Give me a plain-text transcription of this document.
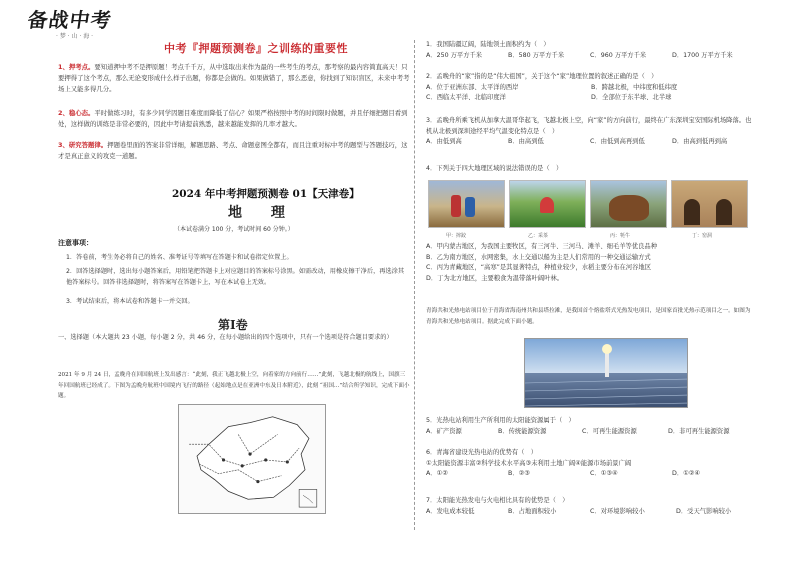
备战中考
· 梦 · 山 · 海 ·
中考『押题预测卷』之训练的重要性
1、押考点。要知道押中考不是押原题！考点千千万，从中选取出来作为最的一些考生的考点，那考察的最内容简直高天！只要押得了这个考点，那么无论变形成什么样子出题，你都是会做的。如果做错了，那么恶意，你找到了知识盲区，未来中考考场上又能多得几分。
2、稳心态。平时做练习时，有多少同学因题目难度而降低了信心？如果严格按照中考的时间限时做题，并且仔细把题目看到处，这样做的训练是非常必要的，因此中考请提前熟悉，越来越能发挥的几率才越大。
3、研究答题律。押题卷里面的答案非常详细，解题思路、考点、命题意图全都有，而且注重对标中考的题型与答题技巧，这才是真正意义的攻克一道题。
2024 年中考押题预测卷 01【天津卷】
地 理
（本试卷满分 100 分，考试时间 60 分钟。）
注意事项：
1．答卷前，考生务必将自己的姓名、准考证号等填写在答题卡和试卷指定位置上。
2．回答选择题时，选出每小题答案后，用铅笔把答题卡上对应题目的答案标号涂黑。如需改动，用橡皮擦干净后，再选涂其他答案标号。回答非选择题时，将答案写在答题卡上，写在本试卷上无效。
3．考试结束后，将本试卷和答题卡一并交回。
第Ⅰ卷
一、选择题（本大题共 23 小题，每小题 2 分，共 46 分，在每小题给出的四个选项中，只有一个选项是符合题目要求的）
2021 年 9 月 24 日，孟晚舟在回国航班上发出感言：“此刻，我正飞越北极上空，向着家的方向前行……”此刻，飞越北极的航线上，国旗三年回国航班已经成了。下图为孟晚舟航班中国境内飞行的路径（起始地点是在亚洲中东及日本附近），此刻 “祖国…”结合所学知识，完成下面小题。
1．我国陆疆辽阔，陆地领土面积约为（　）
A．250 万平方千米	B．580 万平方千米	C．960 万平方千米	D．1700 万平方千米
2．孟晚舟的“家”指的是“伟大祖国”，关于这个“家”地理位置的叙述正确的是（　）
A．位于亚洲东部、太平洋的西岸	B．跨越北极，中纬度和低纬度
C．西临太平洋、北临印度洋	D．全部位于东半球、北半球
3．孟晚舟所乘飞机从加拿大温哥华起飞，飞越北极上空，向“家”的方向前行，最终在广东深圳宝安国际机场降落。也机从北极到深圳途经平均气温变化特点是（　）
A．由低到高	B．由高到低	C．由低到高再到低	D．由高到低再到高
4．下列关于四大地理区域的说法错误的是（　）
甲：摔跤	乙：采茶	丙：牦牛	丁：窑洞
A．甲内蒙古地区，为我国主要牧区，有三河牛、三河马、滩羊、细毛羊等优良品种
B．乙为南方地区，水网密集，水上交通以船为主是人们常用的一种交通运输方式
C．丙为青藏地区，“高寒”是其显著特点，种植业较少，水稻主要分布在河谷地区
D．丁为北方地区，主要粮食为温带落叶阔叶林。
青海共和光热电站项目位于青海省海南州共和县塔拉滩，是我国首个熔盐塔式光热发电项目，是国家首批光热示范项目之一。如图为青海共和光热电站项目。据此完成下面小题。
5．光热电站利用生产所利用的太阳能资源属于（　）
A．矿产资源	B．传统能源资源	C．可再生能源资源	D．非可再生能源资源
6．青海省建设光热电站的优势有（　）
①太阳能资源丰富②科学技术水平高③未利用土地广阔④能源市场前景广阔
A．①②	B．②③	C．①③④	D．①②④
7．太阳能光热发电与火电相比具有的优势是（　）
A．发电成本较低	B．占地面积较小	C．对环境影响较小	D．受天气影响较小
